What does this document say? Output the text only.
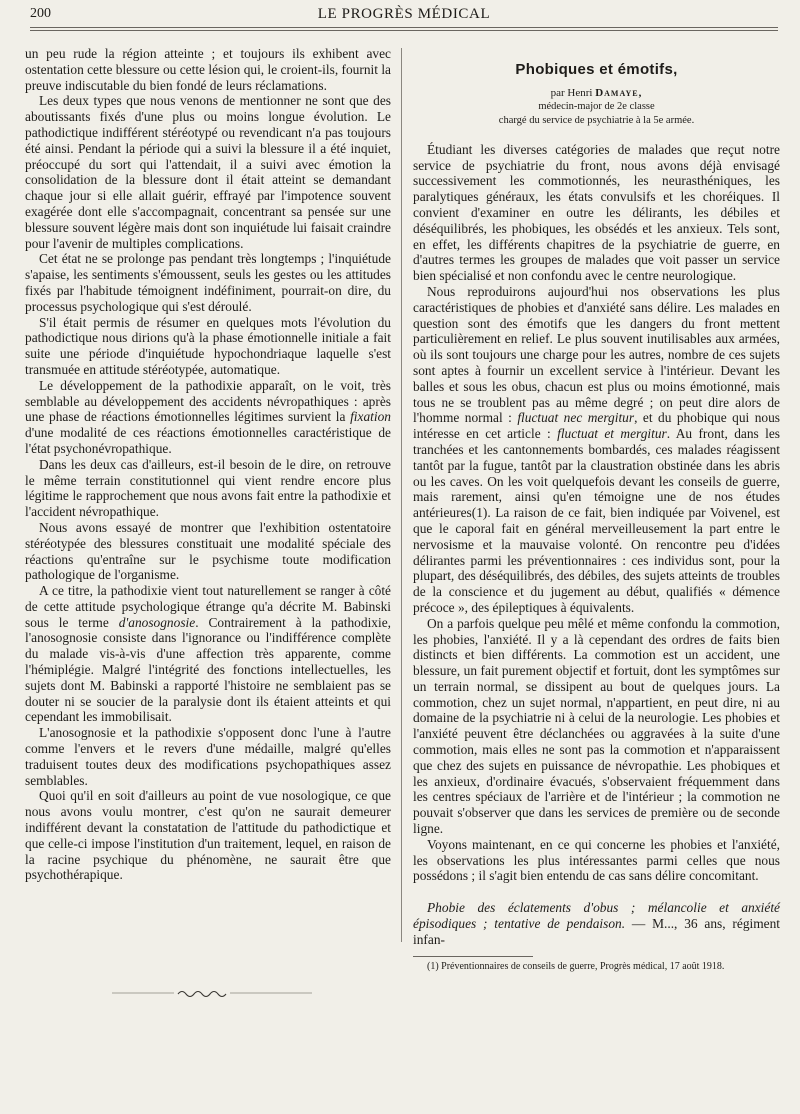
200	LE PROGRÈS MÉDICAL

un peu rude la région atteinte ; et toujours ils exhibent avec ostentation cette blessure ou cette lésion qui, le croient-ils, fournit la preuve indiscutable du bien fondé de leurs réclamations.

Les deux types que nous venons de mentionner ne sont que des aboutissants fixés d'une plus ou moins longue évolution. Le pathodictique indifférent stéréotypé ou revendicant n'a pas toujours été ainsi. Pendant la période qui a suivi la blessure il a été inquiet, préoccupé du sort qui l'attendait, il a suivi avec émotion la consolidation de la blessure dont il était atteint se demandant chaque jour si elle allait guérir, effrayé par l'impotence souvent exagérée dont elle s'accompagnait, concentrant sa pensée sur une blessure souvent légère mais dont son inquiétude lui faisait craindre pour l'avenir de multiples complications.

Cet état ne se prolonge pas pendant très longtemps ; l'inquiétude s'apaise, les sentiments s'émoussent, seuls les gestes ou les attitudes fixés par l'habitude témoignent indéfiniment, pourrait-on dire, du processus psychologique qui s'est déroulé.

S'il était permis de résumer en quelques mots l'évolution du pathodictique nous dirions qu'à la phase émotionnelle initiale a fait suite une période d'inquiétude hypochondriaque laquelle s'est transmuée en attitude stéréotypée, automatique.

Le développement de la pathodixie apparaît, on le voit, très semblable au développement des accidents névropathiques : après une phase de réactions émotionnelles légitimes survient la fixation d'une modalité de ces réactions émotionnelles caractéristique de l'état psychonévropathique.

Dans les deux cas d'ailleurs, est-il besoin de le dire, on retrouve le même terrain constitutionnel qui vient rendre encore plus légitime le rapprochement que nous avons fait entre la pathodixie et l'accident névropathique.

Nous avons essayé de montrer que l'exhibition ostentatoire stéréotypée des blessures constituait une modalité spéciale des réactions qu'entraîne sur le psychisme toute modification pathologique de l'organisme.

A ce titre, la pathodixie vient tout naturellement se ranger à côté de cette attitude psychologique étrange qu'a décrite M. Babinski sous le terme d'anosognosie. Contrairement à la pathodixie, l'anosognosie consiste dans l'ignorance ou l'indifférence complète du malade vis-à-vis d'une affection très apparente, comme l'hémiplégie. Malgré l'intégrité des fonctions intellectuelles, les sujets dont M. Babinski a rapporté l'histoire ne semblaient pas se douter ni se soucier de la paralysie dont ils étaient atteints et qui cependant les immobilisait.

L'anosognosie et la pathodixie s'opposent donc l'une à l'autre comme l'envers et le revers d'une médaille, malgré qu'elles traduisent toutes deux des modifications psychopathiques assez semblables.

Quoi qu'il en soit d'ailleurs au point de vue nosologique, ce que nous avons voulu montrer, c'est qu'on ne saurait demeurer indifférent devant la constatation de l'attitude du pathodictique et que celle-ci impose l'institution d'un traitement, lequel, en raison de la racine psychique du phénomène, ne saurait être que psychothérapique.

Phobiques et émotifs,
par Henri Damaye,
médecin-major de 2e classe
chargé du service de psychiatrie à la 5e armée.

Étudiant les diverses catégories de malades que reçut notre service de psychiatrie du front, nous avons déjà envisagé successivement les commotionnés, les neurasthéniques, les paralytiques généraux, les états convulsifs et les choréiques. Il convient d'examiner en outre les délirants, les débiles et déséquilibrés, les phobiques, les obsédés et les anxieux. Tels sont, en effet, les différents chapitres de la psychiatrie de guerre, en d'autres termes les groupes de malades que voit passer un service bien spécialisé et non confondu avec le centre neurologique.

Nous reproduirons aujourd'hui nos observations les plus caractéristiques de phobies et d'anxiété sans délire. Les malades en question sont des émotifs que les dangers du front mettent particulièrement en relief. Le plus souvent inutilisables aux armées, où ils sont toujours une charge pour les autres, nombre de ces sujets sont aptes à fournir un excellent service à l'intérieur. Devant les balles et sous les obus, chacun est plus ou moins émotionné, mais tous ne se troublent pas au même degré ; on peut dire alors de l'homme normal : fluctuat nec mergitur, et du phobique qui nous intéresse en cet article : fluctuat et mergitur. Au front, dans les tranchées et les cantonnements bombardés, ces malades réagissent tantôt par la fugue, tantôt par la claustration obstinée dans les abris ou les caves. On les voit quelquefois devant les conseils de guerre, mais rarement, ainsi qu'en témoigne une de nos études antérieures(1). La raison de ce fait, bien indiquée par Voivenel, est que le caporal fait en général merveilleusement la part entre le nervosisme et la mauvaise volonté. On rencontre peu d'idées délirantes parmi les préventionnaires : ces individus sont, pour la plupart, des déséquilibrés, des débiles, des sujets atteints de troubles de la conscience et du jugement au début, qualifiés « démence précoce », des épileptiques à équivalents.

On a parfois quelque peu mêlé et même confondu la commotion, les phobies, l'anxiété. Il y a là cependant des ordres de faits bien distincts et bien différents. La commotion est un accident, une blessure, un fait purement objectif et fortuit, dont les symptômes sur un terrain normal, se dissipent au bout de quelques jours. La commotion, chez un sujet normal, n'appartient, en peut dire, ni au domaine de la psychiatrie ni à celui de la neurologie. Les phobies et l'anxiété peuvent être déclanchées ou aggravées à la suite d'une commotion, mais elles ne sont pas la commotion et n'apparaissent que chez des sujets en puissance de névropathie. Les phobiques et les anxieux, d'ordinaire évacués, s'observaient fréquemment dans les centres spéciaux de l'arrière et de l'intérieur ; la commotion ne pouvait s'observer que dans les services de première ou de seconde ligne.

Voyons maintenant, en ce qui concerne les phobies et l'anxiété, les observations les plus intéressantes parmi celles que nous possédons ; il s'agit bien entendu de cas sans délire concomitant.

Phobie des éclatements d'obus ; mélancolie et anxiété épisodiques ; tentative de pendaison. — M..., 36 ans, régiment infan-

(1) Préventionnaires de conseils de guerre, Progrès médical, 17 août 1918.
